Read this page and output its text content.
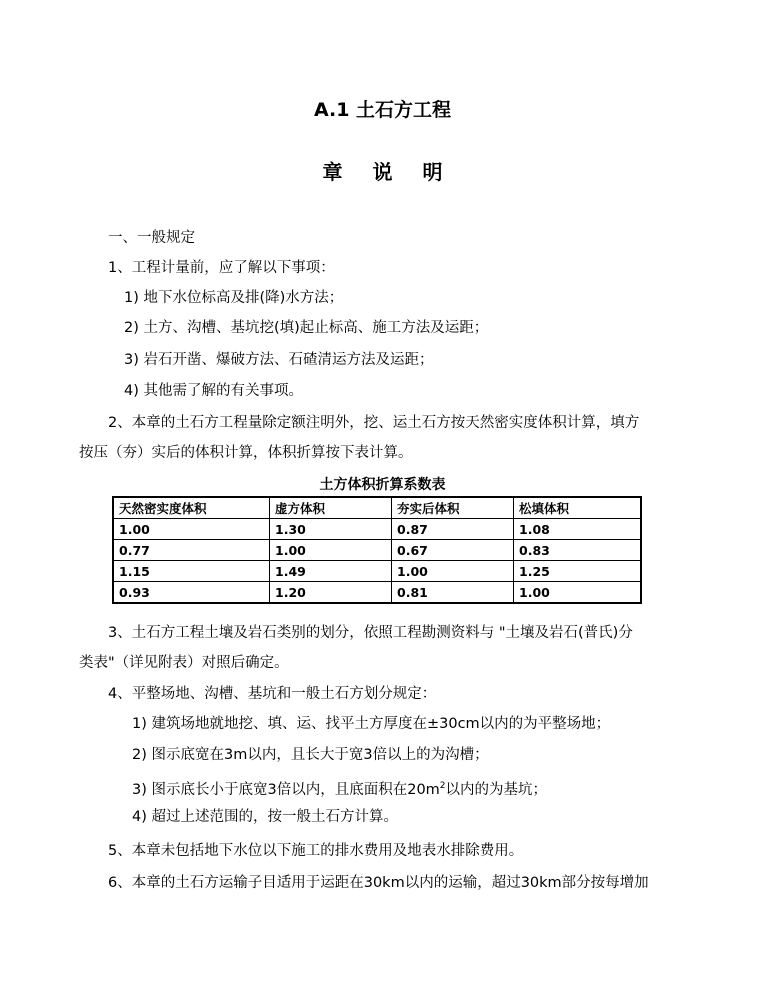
A.1 土石方工程
章说明
一、一般规定
1、工程计量前，应了解以下事项：
1) 地下水位标高及排(降)水方法；
2) 土方、沟槽、基坑挖(填)起止标高、施工方法及运距；
3) 岩石开凿、爆破方法、石碴清运方法及运距；
4) 其他需了解的有关事项。
2、本章的土石方工程量除定额注明外，挖、运土石方按天然密实度体积计算，填方
按压（夯）实后的体积计算，体积折算按下表计算。
土方体积折算系数表
天然密实度体积	虚方体积	夯实后体积	松填体积
1.00	1.30	0.87	1.08
0.77	1.00	0.67	0.83
1.15	1.49	1.00	1.25
0.93	1.20	0.81	1.00
3、土石方工程土壤及岩石类别的划分，依照工程勘测资料与 "土壤及岩石(普氏)分
类表"（详见附表）对照后确定。
4、平整场地、沟槽、基坑和一般土石方划分规定：
1) 建筑场地就地挖、填、运、找平土方厚度在±30cm以内的为平整场地；
2) 图示底宽在3m以内，且长大于宽3倍以上的为沟槽；
3) 图示底长小于底宽3倍以内，且底面积在$20m^2$以内的为基坑；
4) 超过上述范围的，按一般土石方计算。
5、本章未包括地下水位以下施工的排水费用及地表水排除费用。
6、本章的土石方运输子目适用于运距在30km以内的运输，超过30km部分按每增加
